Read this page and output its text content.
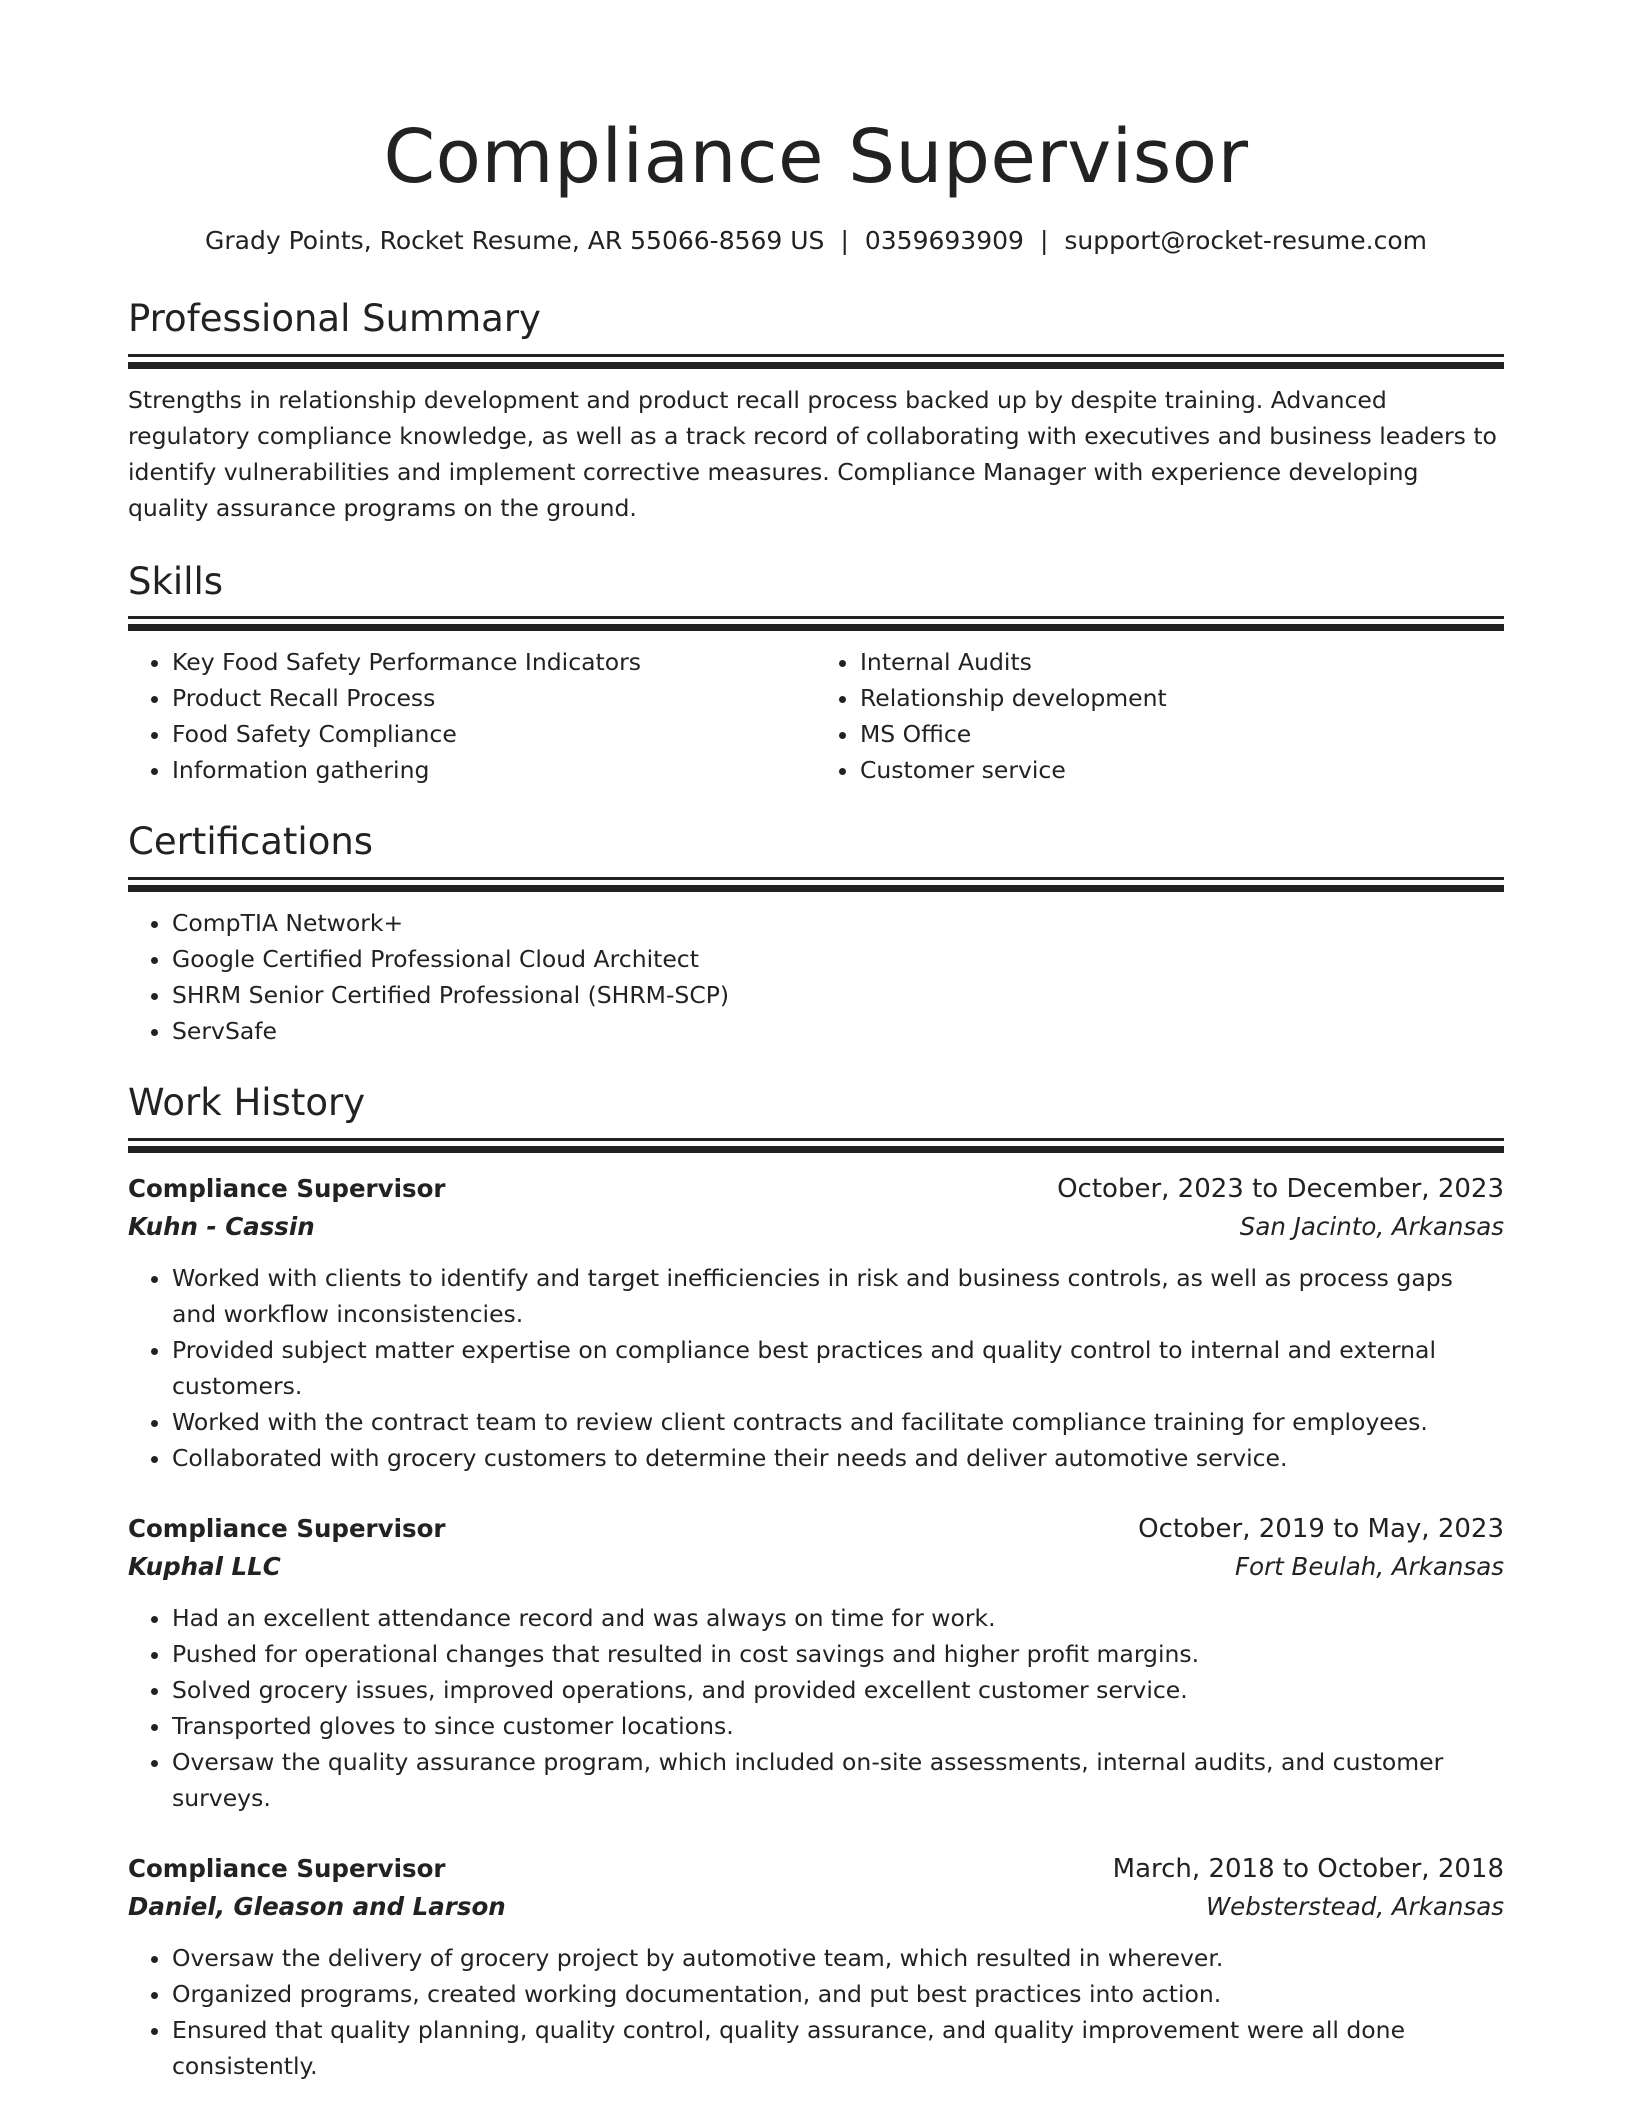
Compliance Supervisor
Grady Points, Rocket Resume, AR 55066-8569 US | 0359693909 | support@rocket-resume.com
Professional Summary

Strengths in relationship development and product recall process backed up by despite training. Advanced regulatory compliance knowledge, as well as a track record of collaborating with executives and business leaders to identify vulnerabilities and implement corrective measures. Compliance Manager with experience developing quality assurance programs on the ground.

Skills
• Key Food Safety Performance Indicators
• Product Recall Process
• Food Safety Compliance
• Information gathering
• Internal Audits
• Relationship development
• MS Office
• Customer service
Certifications
• CompTIA Network+
• Google Certified Professional Cloud Architect
• SHRM Senior Certified Professional (SHRM-SCP)
• ServSafe
Work History
Compliance Supervisor	October, 2023 to December, 2023
Kuhn - Cassin	San Jacinto, Arkansas
• Worked with clients to identify and target inefficiencies in risk and business controls, as well as process gaps and workflow inconsistencies.
• Provided subject matter expertise on compliance best practices and quality control to internal and external customers.
• Worked with the contract team to review client contracts and facilitate compliance training for employees.
• Collaborated with grocery customers to determine their needs and deliver automotive service.
Compliance Supervisor	October, 2019 to May, 2023
Kuphal LLC	Fort Beulah, Arkansas
• Had an excellent attendance record and was always on time for work.
• Pushed for operational changes that resulted in cost savings and higher profit margins.
• Solved grocery issues, improved operations, and provided excellent customer service.
• Transported gloves to since customer locations.
• Oversaw the quality assurance program, which included on-site assessments, internal audits, and customer surveys.
Compliance Supervisor	March, 2018 to October, 2018
Daniel, Gleason and Larson	Websterstead, Arkansas
• Oversaw the delivery of grocery project by automotive team, which resulted in wherever.
• Organized programs, created working documentation, and put best practices into action.
• Ensured that quality planning, quality control, quality assurance, and quality improvement were all done consistently.
